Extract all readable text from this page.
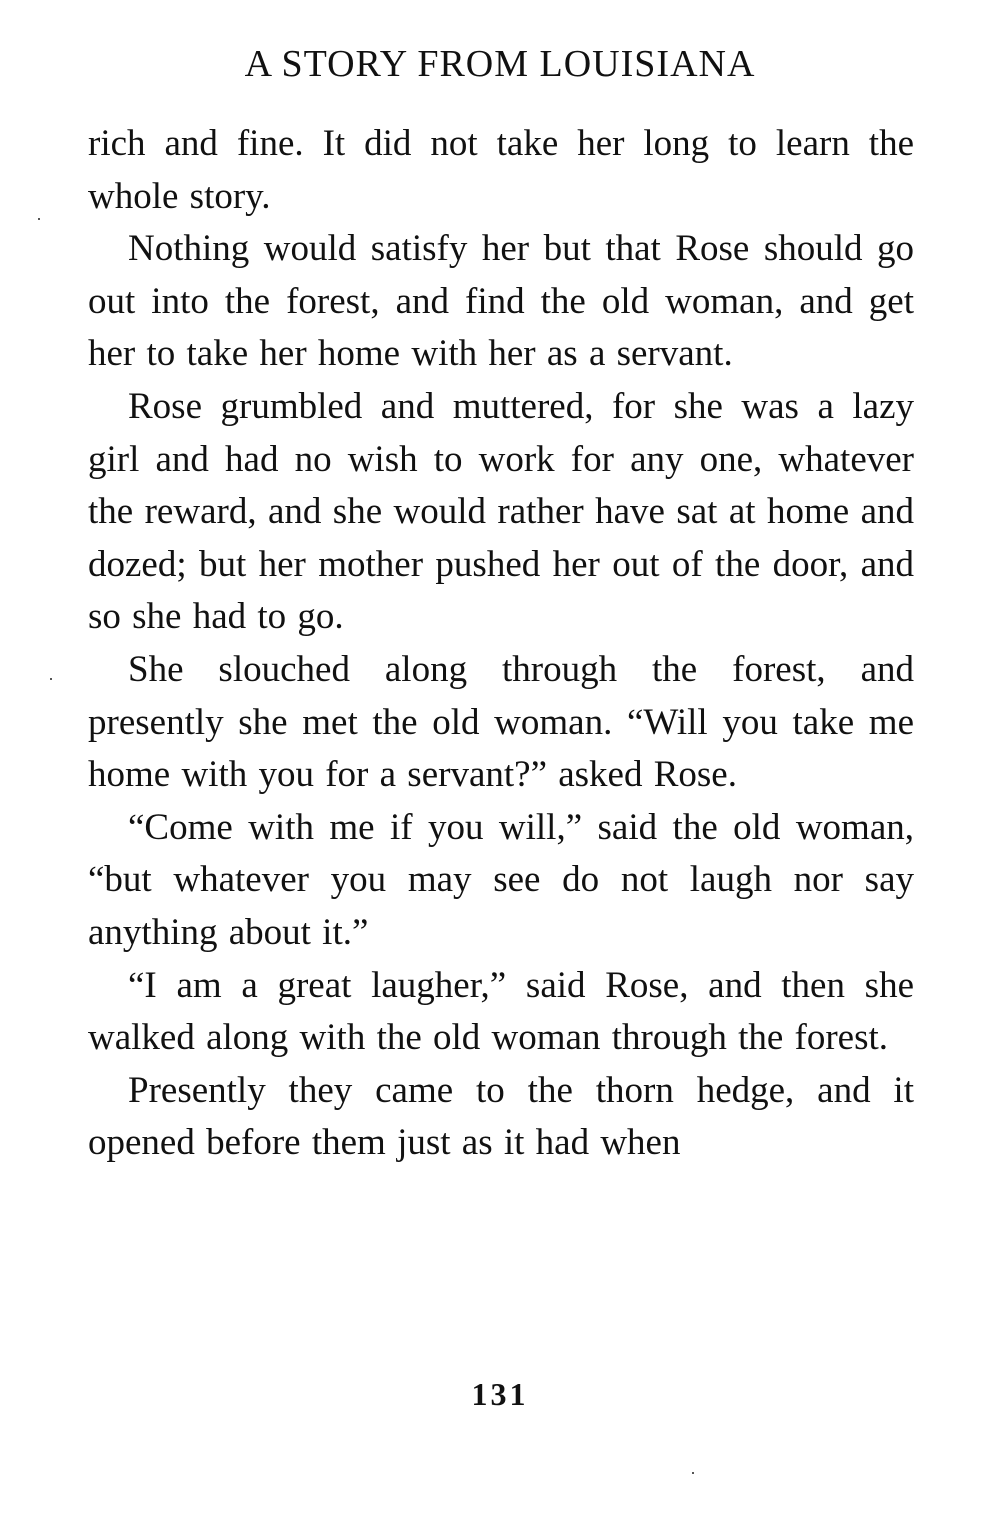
A STORY FROM LOUISIANA

rich and fine. It did not take her long to learn the whole story.

Nothing would satisfy her but that Rose should go out into the forest, and find the old woman, and get her to take her home with her as a servant.

Rose grumbled and muttered, for she was a lazy girl and had no wish to work for any one, whatever the reward, and she would rather have sat at home and dozed; but her mother pushed her out of the door, and so she had to go.

She slouched along through the forest, and presently she met the old woman. “Will you take me home with you for a servant?” asked Rose.

“Come with me if you will,” said the old woman, “but whatever you may see do not laugh nor say anything about it.”

“I am a great laugher,” said Rose, and then she walked along with the old woman through the forest.

Presently they came to the thorn hedge, and it opened before them just as it had when

131
